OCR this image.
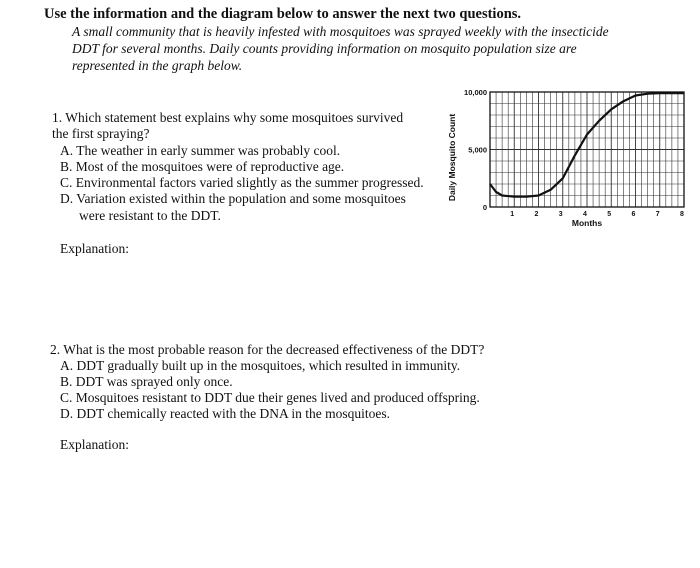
Use the information and the diagram below to answer the next two questions.
A small community that is heavily infested with mosquitoes was sprayed weekly with the insecticide
DDT for several months. Daily counts providing information on mosquito population size are
represented in the graph below.
1. Which statement best explains why some mosquitoes survived
the first spraying?
A. The weather in early summer was probably cool.
B. Most of the mosquitoes were of reproductive age.
C. Environmental factors varied slightly as the summer progressed.
D. Variation existed within the population and some mosquitoes
were resistant to the DDT.
Explanation:
2. What is the most probable reason for the decreased effectiveness of the DDT?
A. DDT gradually built up in the mosquitoes, which resulted in immunity.
B. DDT was sprayed only once.
C. Mosquitoes resistant to DDT due their genes lived and produced offspring.
D. DDT chemically reacted with the DNA in the mosquitoes.
Explanation:
0
5,000
10,000
1	2	3	4	5	6	7	8
Months
Daily Mosquito Count
